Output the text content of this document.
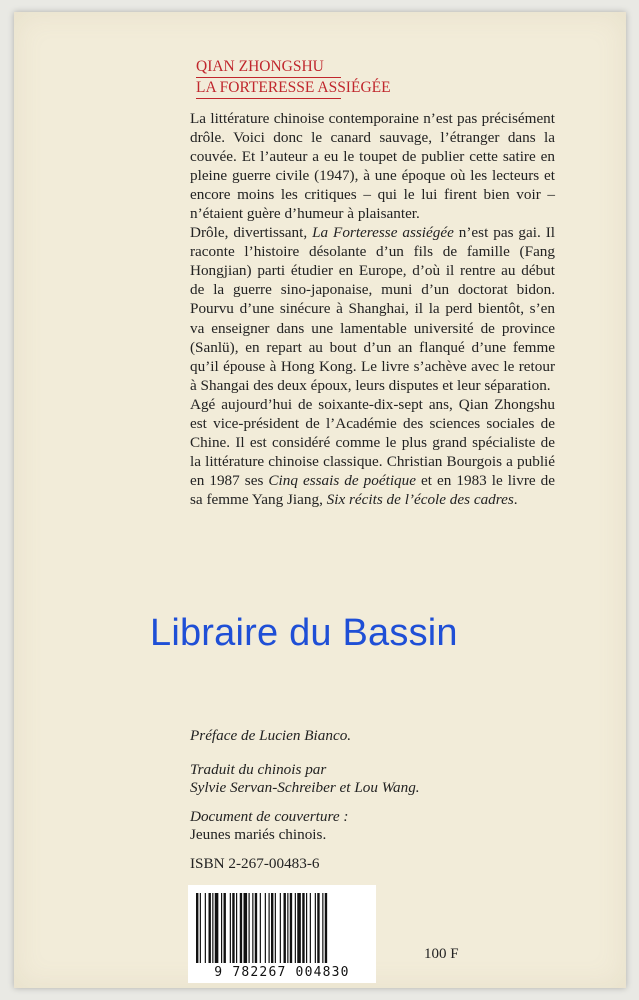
QIAN ZHONGSHU
LA FORTERESSE ASSIÉGÉE

La littérature chinoise contemporaine n’est pas précisément drôle. Voici donc le canard sauvage, l’étranger dans la couvée. Et l’auteur a eu le toupet de publier cette satire en pleine guerre civile (1947), à une époque où les lecteurs et encore moins les critiques – qui le lui firent bien voir – n’étaient guère d’humeur à plaisanter.

Drôle, divertissant, La Forteresse assiégée n’est pas gai. Il raconte l’histoire désolante d’un fils de famille (Fang Hongjian) parti étudier en Europe, d’où il rentre au début de la guerre sino-japonaise, muni d’un doctorat bidon. Pourvu d’une sinécure à Shanghai, il la perd bientôt, s’en va enseigner dans une lamentable université de province (Sanlü), en repart au bout d’un an flanqué d’une femme qu’il épouse à Hong Kong. Le livre s’achève avec le retour à Shangai des deux époux, leurs disputes et leur séparation.

Agé aujourd’hui de soixante-dix-sept ans, Qian Zhongshu est vice-président de l’Académie des sciences sociales de Chine. Il est considéré comme le plus grand spécialiste de la littérature chinoise classique. Christian Bourgois a publié en 1987 ses Cinq essais de poétique et en 1983 le livre de sa femme Yang Jiang, Six récits de l’école des cadres.

Libraire du Bassin
Préface de Lucien Bianco.
Traduit du chinois par
Sylvie Servan-Schreiber et Lou Wang.
Document de couverture :
Jeunes mariés chinois.
ISBN 2-267-00483-6
9 782267 004830
100 F
